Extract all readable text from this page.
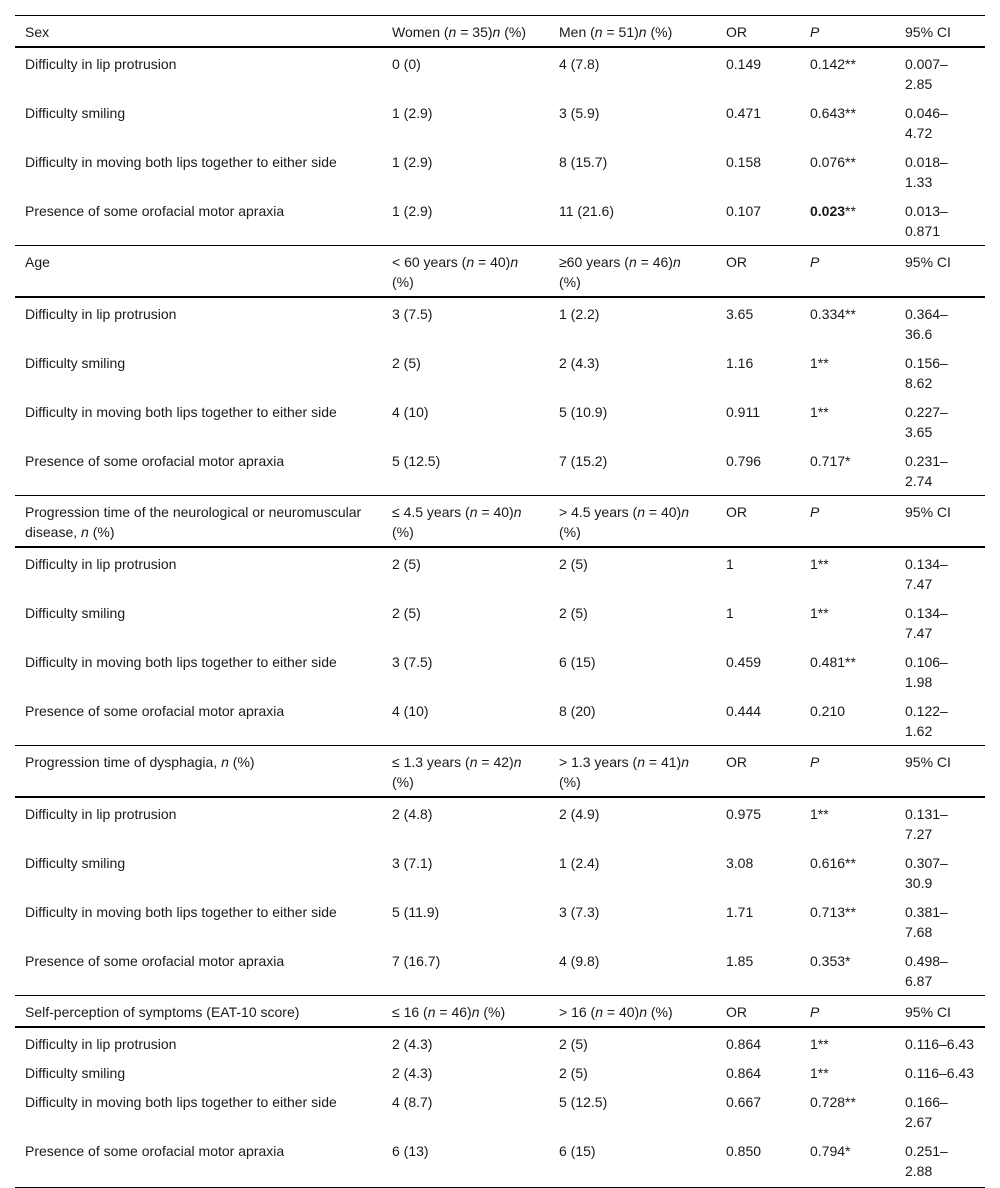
Sex	Women (n = 35)n (%)	Men (n = 51)n (%)	OR	P	95% CI
Difficulty in lip protrusion	0 (0)	4 (7.8)	0.149	0.142**	0.007–2.85
Difficulty smiling	1 (2.9)	3 (5.9)	0.471	0.643**	0.046–4.72
Difficulty in moving both lips together to either side	1 (2.9)	8 (15.7)	0.158	0.076**	0.018–1.33
Presence of some orofacial motor apraxia	1 (2.9)	11 (21.6)	0.107	0.023**	0.013–0.871
Age	< 60 years (n = 40)n (%)	≥60 years (n = 46)n (%)	OR	P	95% CI
Difficulty in lip protrusion	3 (7.5)	1 (2.2)	3.65	0.334**	0.364–36.6
Difficulty smiling	2 (5)	2 (4.3)	1.16	1**	0.156–8.62
Difficulty in moving both lips together to either side	4 (10)	5 (10.9)	0.911	1**	0.227–3.65
Presence of some orofacial motor apraxia	5 (12.5)	7 (15.2)	0.796	0.717*	0.231–2.74
Progression time of the neurological or neuromuscular disease, n (%)	≤ 4.5 years (n = 40)n (%)	> 4.5 years (n = 40)n (%)	OR	P	95% CI
Difficulty in lip protrusion	2 (5)	2 (5)	1	1**	0.134–7.47
Difficulty smiling	2 (5)	2 (5)	1	1**	0.134–7.47
Difficulty in moving both lips together to either side	3 (7.5)	6 (15)	0.459	0.481**	0.106–1.98
Presence of some orofacial motor apraxia	4 (10)	8 (20)	0.444	0.210	0.122–1.62
Progression time of dysphagia, n (%)	≤ 1.3 years (n = 42)n (%)	> 1.3 years (n = 41)n (%)	OR	P	95% CI
Difficulty in lip protrusion	2 (4.8)	2 (4.9)	0.975	1**	0.131–7.27
Difficulty smiling	3 (7.1)	1 (2.4)	3.08	0.616**	0.307–30.9
Difficulty in moving both lips together to either side	5 (11.9)	3 (7.3)	1.71	0.713**	0.381–7.68
Presence of some orofacial motor apraxia	7 (16.7)	4 (9.8)	1.85	0.353*	0.498–6.87
Self-perception of symptoms (EAT-10 score)	≤ 16 (n = 46)n (%)	> 16 (n = 40)n (%)	OR	P	95% CI
Difficulty in lip protrusion	2 (4.3)	2 (5)	0.864	1**	0.116–6.43
Difficulty smiling	2 (4.3)	2 (5)	0.864	1**	0.116–6.43
Difficulty in moving both lips together to either side	4 (8.7)	5 (12.5)	0.667	0.728**	0.166–2.67
Presence of some orofacial motor apraxia	6 (13)	6 (15)	0.850	0.794*	0.251–2.88
